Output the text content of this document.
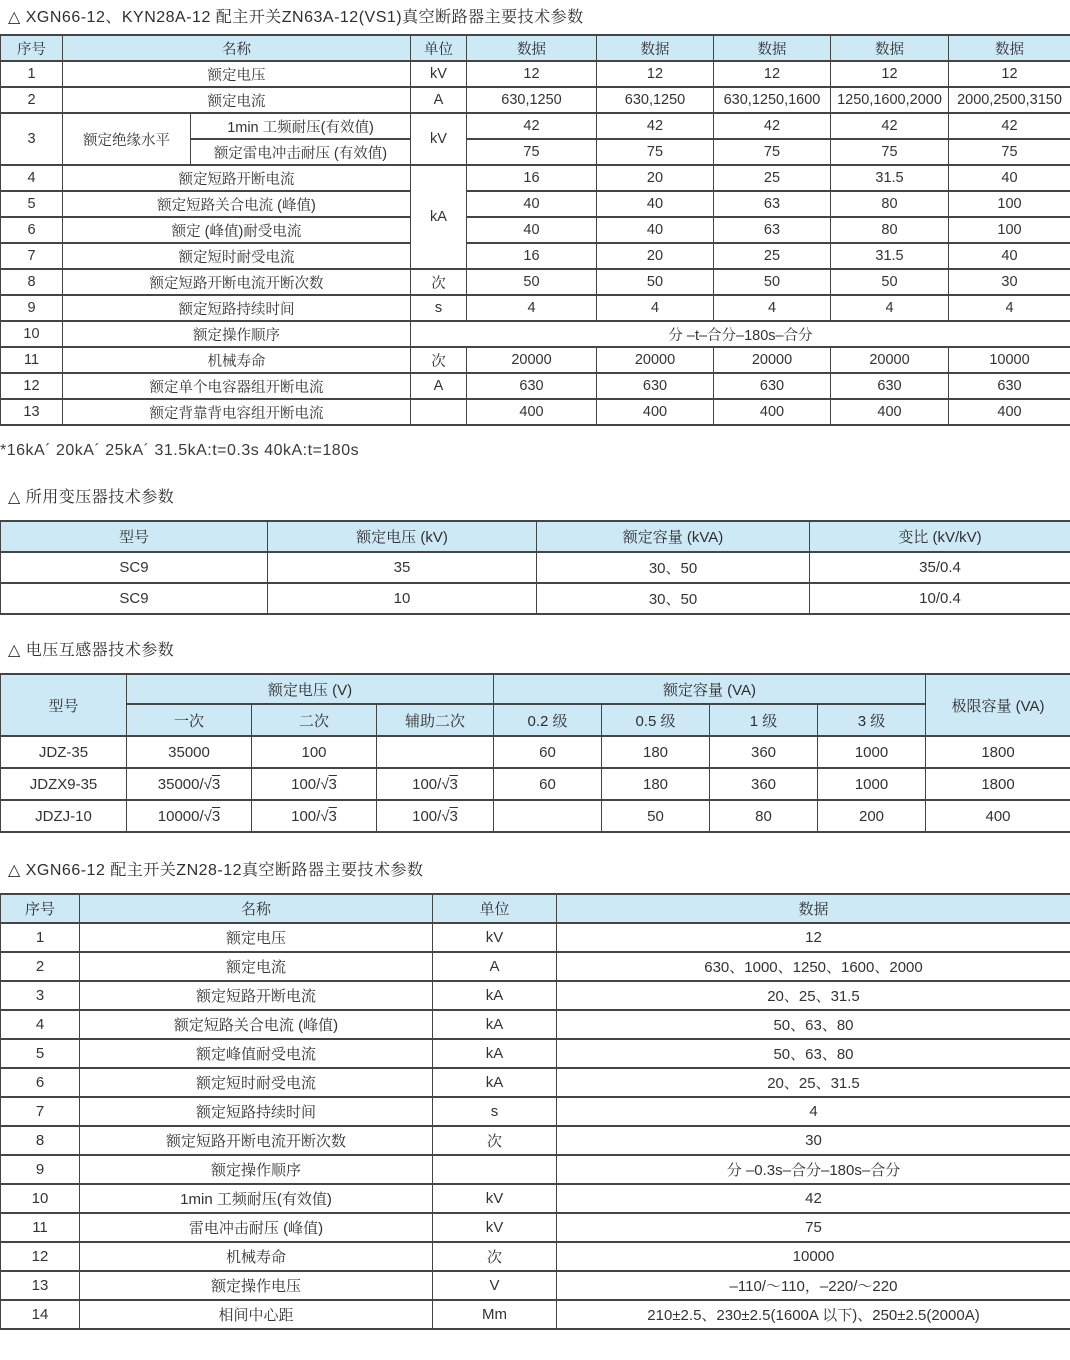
△ XGN66-12、KYN28A-12 配主开关ZN63A-12(VS1)真空断路器主要技术参数
序号	名称		单位	数据	数据	数据	数据	数据
1	额定电压		kV	12	12	12	12	12
2	额定电流		A	630,1250	630,1250	630,1250,1600	1250,1600,2000	2000,2500,3150
3	额定绝缘水平	1min 工频耐压(有效值)	kV	42	42	42	42	42
		额定雷电冲击耐压 (有效值)		75	75	75	75	75
4	额定短路开断电流		kA	16	20	25	31.5	40
5	额定短路关合电流 (峰值)			40	40	63	80	100
6	额定 (峰值)耐受电流			40	40	63	80	100
7	额定短时耐受电流			16	20	25	31.5	40
8	额定短路开断电流开断次数		次	50	50	50	50	30
9	额定短路持续时间		s	4	4	4	4	4
10	额定操作顺序		分 –t–合分–180s–合分					
11	机械寿命		次	20000	20000	20000	20000	10000
12	额定单个电容器组开断电流		A	630	630	630	630	630
13	额定背靠背电容组开断电流			400	400	400	400	400
*16kA´ 20kA´ 25kA´ 31.5kA:t=0.3s 40kA:t=180s
△ 所用变压器技术参数
型号	额定电压 (kV)	额定容量 (kVA)	变比 (kV/kV)
SC9	35	30、50	35/0.4
SC9	10	30、50	10/0.4
△ 电压互感器技术参数
型号	额定电压 (V)			额定容量 (VA)				极限容量 (VA)
	一次	二次	辅助二次	0.2 级	0.5 级	1 级	3 级	
JDZ-35	35000	100		60	180	360	1000	1800
JDZX9-35	35000/√3	100/√3	100/√3	60	180	360	1000	1800
JDZJ-10	10000/√3	100/√3	100/√3		50	80	200	400
△ XGN66-12 配主开关ZN28-12真空断路器主要技术参数
序号	名称	单位	数据
1	额定电压	kV	12
2	额定电流	A	630、1000、1250、1600、2000
3	额定短路开断电流	kA	20、25、31.5
4	额定短路关合电流 (峰值)	kA	50、63、80
5	额定峰值耐受电流	kA	50、63、80
6	额定短时耐受电流	kA	20、25、31.5
7	额定短路持续时间	s	4
8	额定短路开断电流开断次数	次	30
9	额定操作顺序		分 –0.3s–合分–180s–合分
10	1min 工频耐压(有效值)	kV	42
11	雷电冲击耐压 (峰值)	kV	75
12	机械寿命	次	10000
13	额定操作电压	V	–110/～110，–220/～220
14	相间中心距	Mm	210±2.5、230±2.5(1600A 以下)、250±2.5(2000A)
